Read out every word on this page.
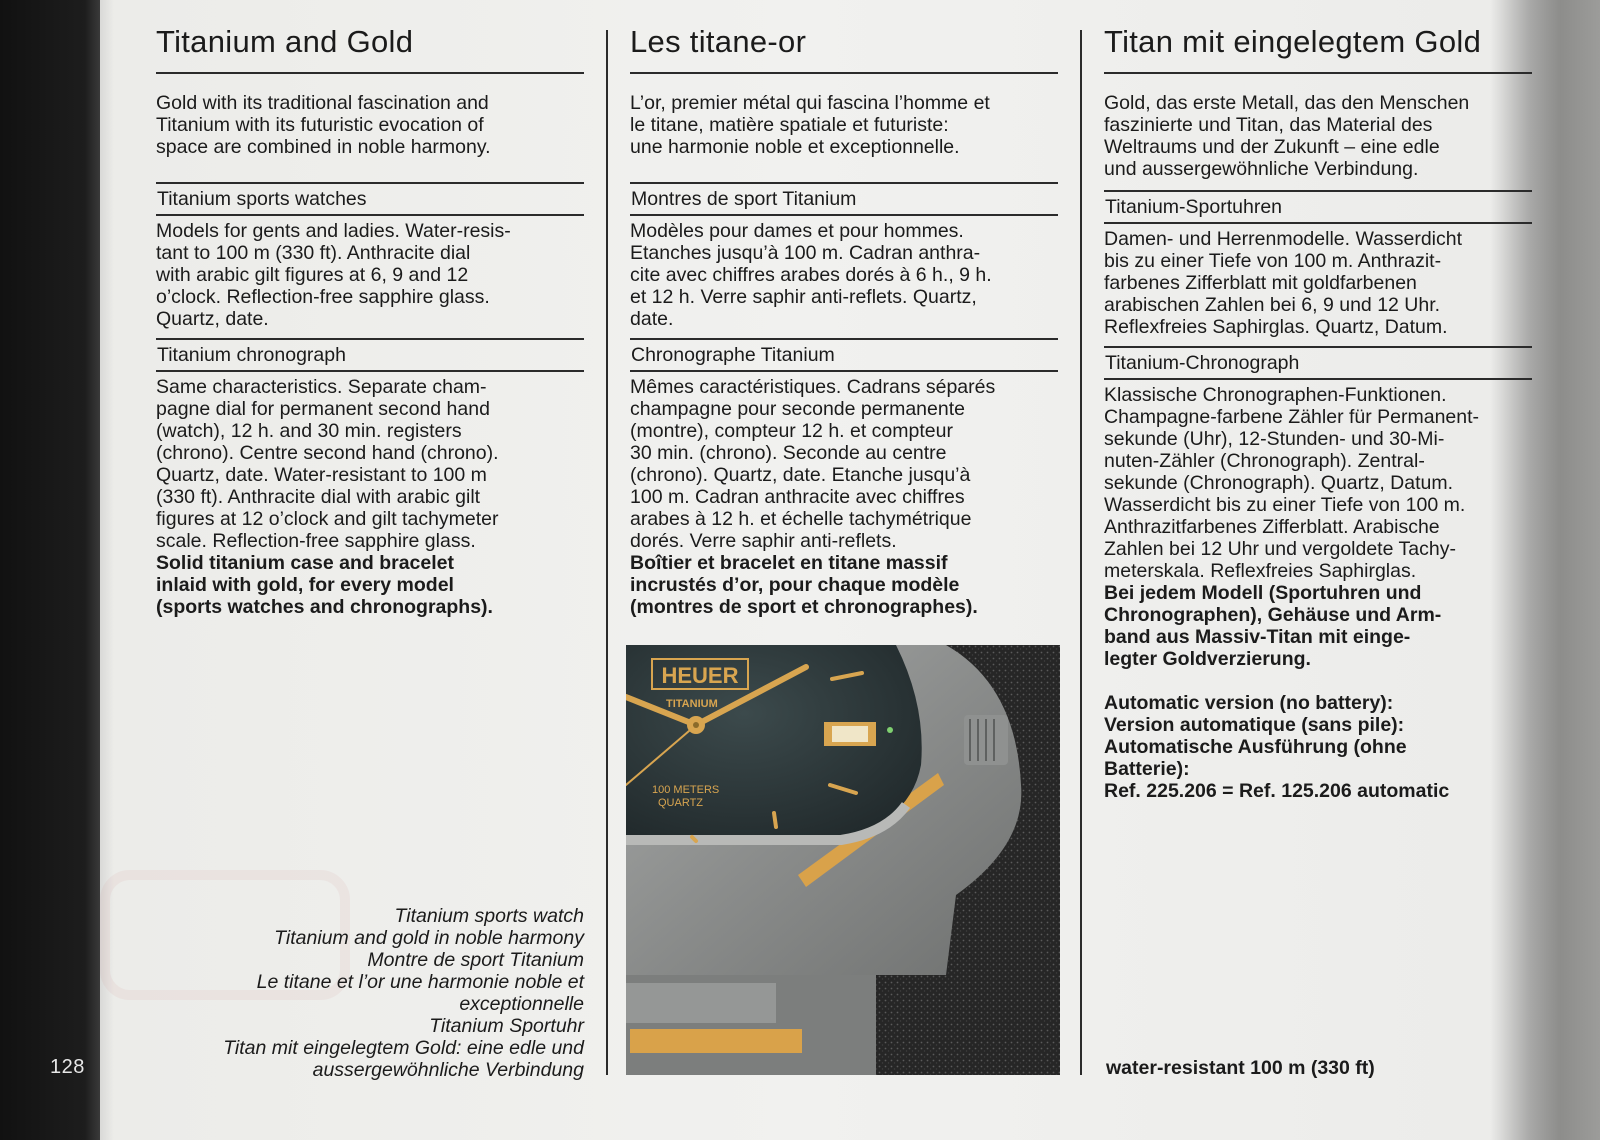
128
Titanium and Gold
Gold with its traditional fascination and
Titanium with its futuristic evocation of
space are combined in noble harmony.
Titanium sports watches
Models for gents and ladies. Water-resis-
tant to 100 m (330 ft). Anthracite dial
with arabic gilt figures at 6, 9 and 12
o’clock. Reflection-free sapphire glass.
Quartz, date.
Titanium chronograph
Same characteristics. Separate cham-
pagne dial for permanent second hand
(watch), 12 h. and 30 min. registers
(chrono). Centre second hand (chrono).
Quartz, date. Water-resistant to 100 m
(330 ft). Anthracite dial with arabic gilt
figures at 12 o’clock and gilt tachymeter
scale. Reflection-free sapphire glass.
Solid titanium case and bracelet
inlaid with gold, for every model
(sports watches and chronographs).
Les titane-or
L’or, premier métal qui fascina l’homme et
le titane, matière spatiale et futuriste:
une harmonie noble et exceptionnelle.
Montres de sport Titanium
Modèles pour dames et pour hommes.
Etanches jusqu’à 100 m. Cadran anthra-
cite avec chiffres arabes dorés à 6 h., 9 h.
et 12 h. Verre saphir anti-reflets. Quartz,
date.
Chronographe Titanium
Mêmes caractéristiques. Cadrans séparés
champagne pour seconde permanente
(montre), compteur 12 h. et compteur
30 min. (chrono). Seconde au centre
(chrono). Quartz, date. Etanche jusqu’à
100 m. Cadran anthracite avec chiffres
arabes à 12 h. et échelle tachymétrique
dorés. Verre saphir anti-reflets.
Boîtier et bracelet en titane massif
incrustés d’or, pour chaque modèle
(montres de sport et chronographes).
Titan mit eingelegtem Gold
Gold, das erste Metall, das den Menschen
faszinierte und Titan, das Material des
Weltraums und der Zukunft – eine edle
und aussergewöhnliche Verbindung.
Titanium-Sportuhren
Damen- und Herrenmodelle. Wasserdicht
bis zu einer Tiefe von 100 m. Anthrazit-
farbenes Zifferblatt mit goldfarbenen
arabischen Zahlen bei 6, 9 und 12 Uhr.
Reflexfreies Saphirglas. Quartz, Datum.
Titanium-Chronograph
Klassische Chronographen-Funktionen.
Champagne-farbene Zähler für Permanent-
sekunde (Uhr), 12-Stunden- und 30-Mi-
nuten-Zähler (Chronograph). Zentral-
sekunde (Chronograph). Quartz, Datum.
Wasserdicht bis zu einer Tiefe von 100 m.
Anthrazitfarbenes Zifferblatt. Arabische
Zahlen bei 12 Uhr und vergoldete Tachy-
meterskala. Reflexfreies Saphirglas.
Bei jedem Modell (Sportuhren und
Chronographen), Gehäuse und Arm-
band aus Massiv-Titan mit einge-
legter Goldverzierung.
Automatic version (no battery):
Version automatique (sans pile):
Automatische Ausführung (ohne
Batterie):
Ref. 225.206 = Ref. 125.206 automatic
water-resistant 100 m (330 ft)
Titanium sports watch
Titanium and gold in noble harmony
Montre de sport Titanium
Le titane et l’or une harmonie noble et
exceptionnelle
Titanium Sportuhr
Titan mit eingelegtem Gold: eine edle und
aussergewöhnliche Verbindung
HEUER
TITANIUM
100 METERS
QUARTZ
